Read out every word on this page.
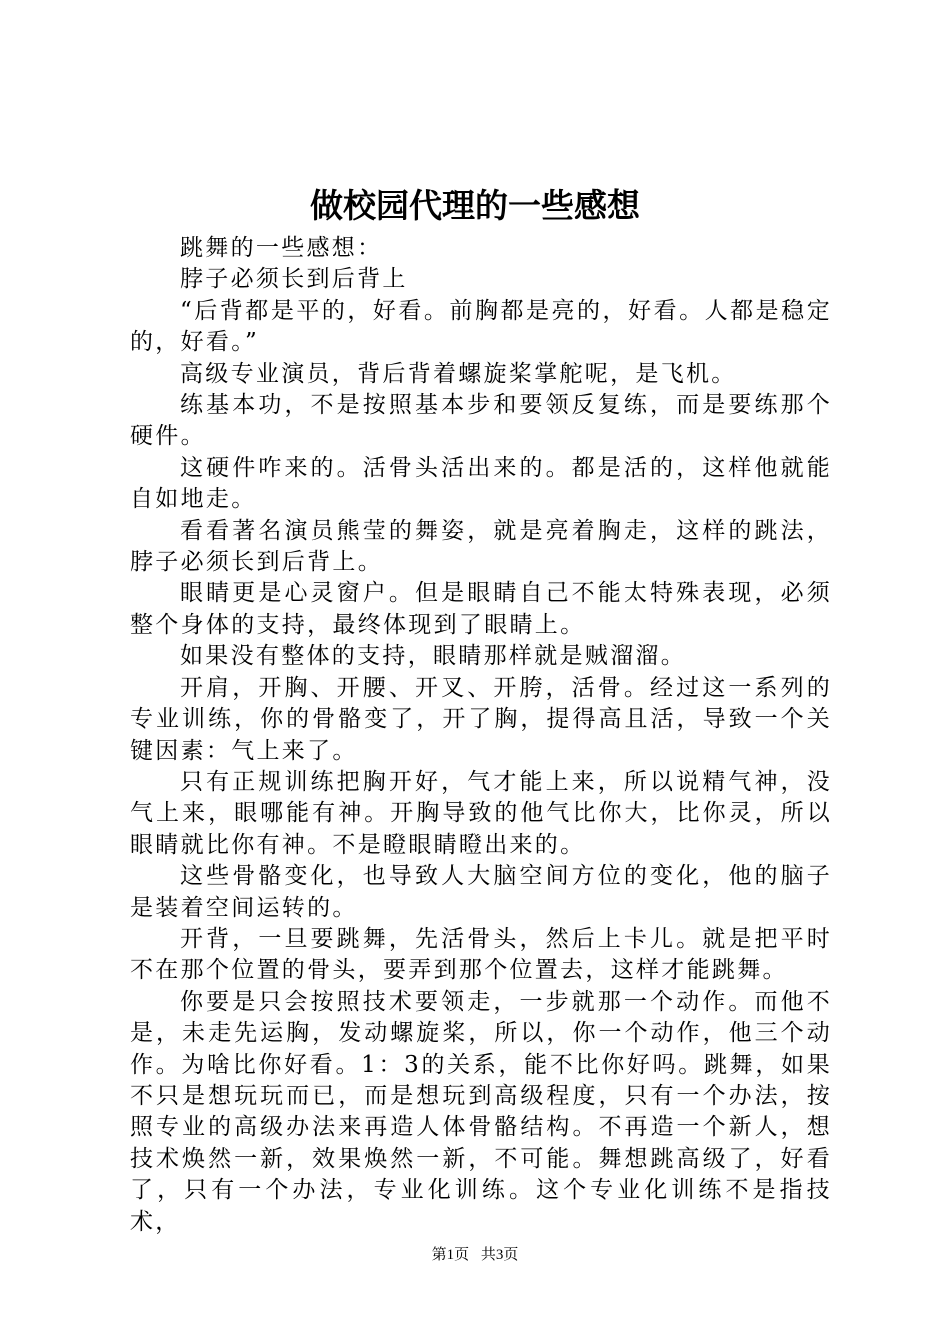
做校园代理的一些感想

跳舞的一些感想：

脖子必须长到后背上

“后背都是平的，好看。前胸都是亮的，好看。人都是稳定的，好看。”

高级专业演员，背后背着螺旋桨掌舵呢，是飞机。

练基本功，不是按照基本步和要领反复练，而是要练那个硬件。

这硬件咋来的。活骨头活出来的。都是活的，这样他就能自如地走。

看看著名演员熊莹的舞姿，就是亮着胸走，这样的跳法，脖子必须长到后背上。

眼睛更是心灵窗户。但是眼睛自己不能太特殊表现，必须整个身体的支持，最终体现到了眼睛上。

如果没有整体的支持，眼睛那样就是贼溜溜。

开肩，开胸、开腰、开叉、开胯，活骨。经过这一系列的专业训练，你的骨骼变了，开了胸，提得高且活，导致一个关键因素：气上来了。

只有正规训练把胸开好，气才能上来，所以说精气神，没气上来，眼哪能有神。开胸导致的他气比你大，比你灵，所以眼睛就比你有神。不是瞪眼睛瞪出来的。

这些骨骼变化，也导致人大脑空间方位的变化，他的脑子是装着空间运转的。

开背，一旦要跳舞，先活骨头，然后上卡儿。就是把平时不在那个位置的骨头，要弄到那个位置去，这样才能跳舞。

你要是只会按照技术要领走，一步就那一个动作。而他不是，未走先运胸，发动螺旋桨，所以，你一个动作，他三个动作。为啥比你好看。1：3的关系，能不比你好吗。跳舞，如果不只是想玩玩而已，而是想玩到高级程度，只有一个办法，按照专业的高级办法来再造人体骨骼结构。不再造一个新人，想技术焕然一新，效果焕然一新，不可能。舞想跳高级了，好看了，只有一个办法，专业化训练。这个专业化训练不是指技术，

第1页 共3页
